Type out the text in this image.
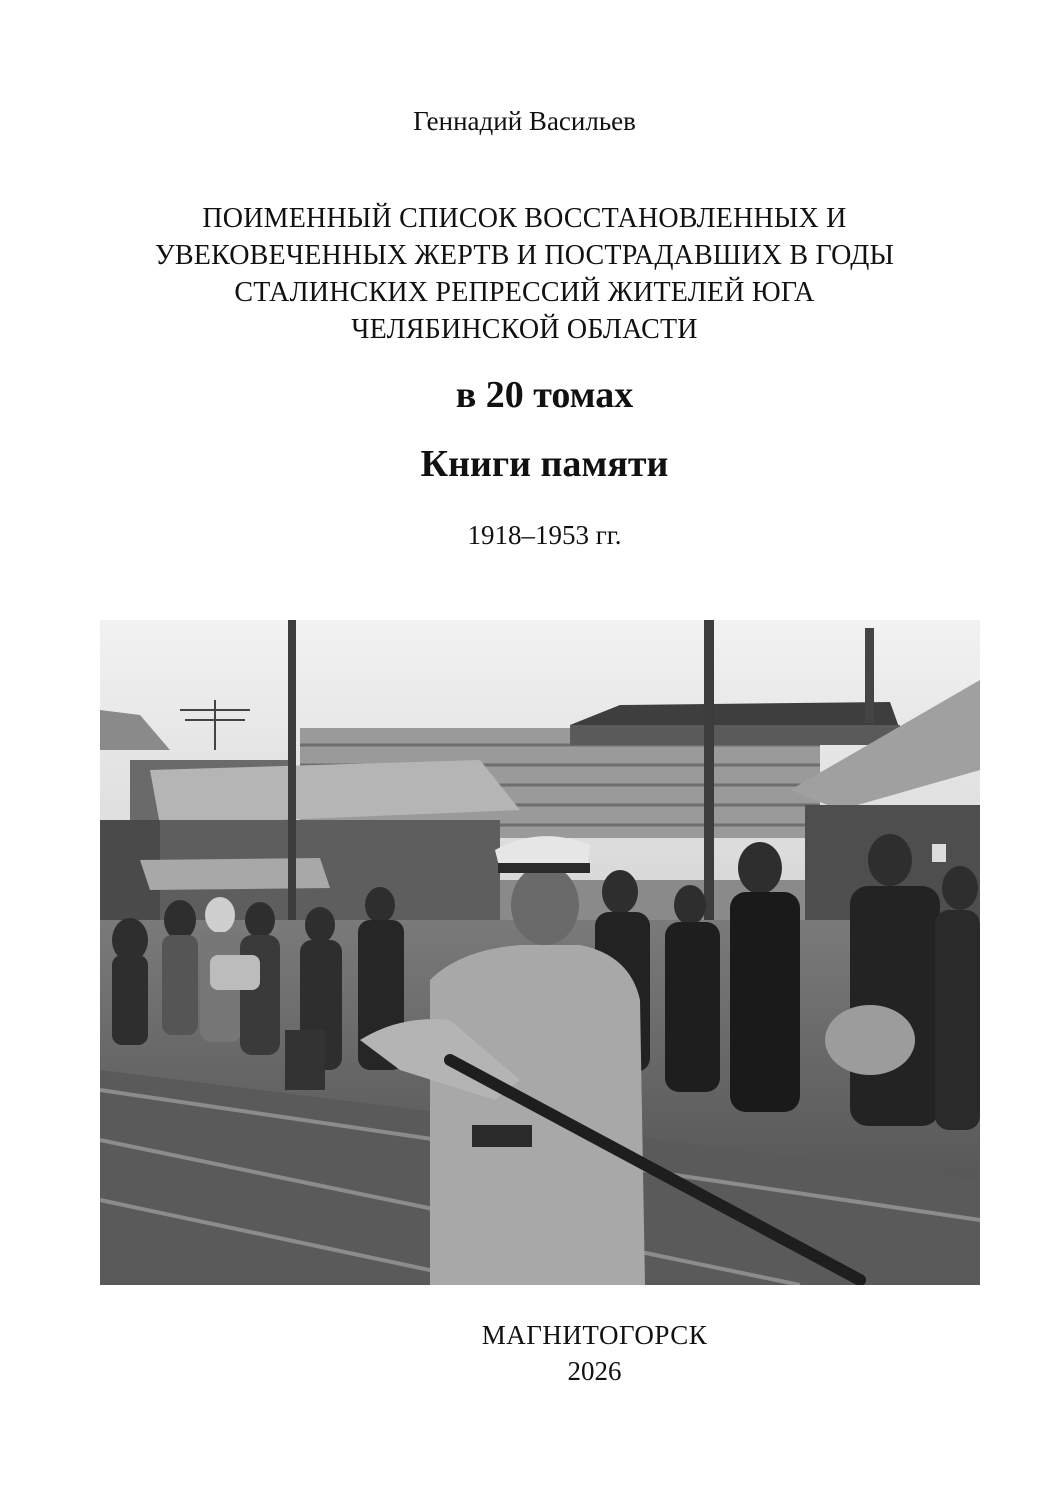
Геннадий Васильев
ПОИМЕННЫЙ СПИСОК ВОССТАНОВЛЕННЫХ И
УВЕКОВЕЧЕННЫХ ЖЕРТВ И ПОСТРАДАВШИХ В ГОДЫ
СТАЛИНСКИХ РЕПРЕССИЙ ЖИТЕЛЕЙ ЮГА
ЧЕЛЯБИНСКОЙ ОБЛАСТИ
в 20 томах
Книги памяти
1918–1953 гг.
МАГНИТОГОРСК
2026
